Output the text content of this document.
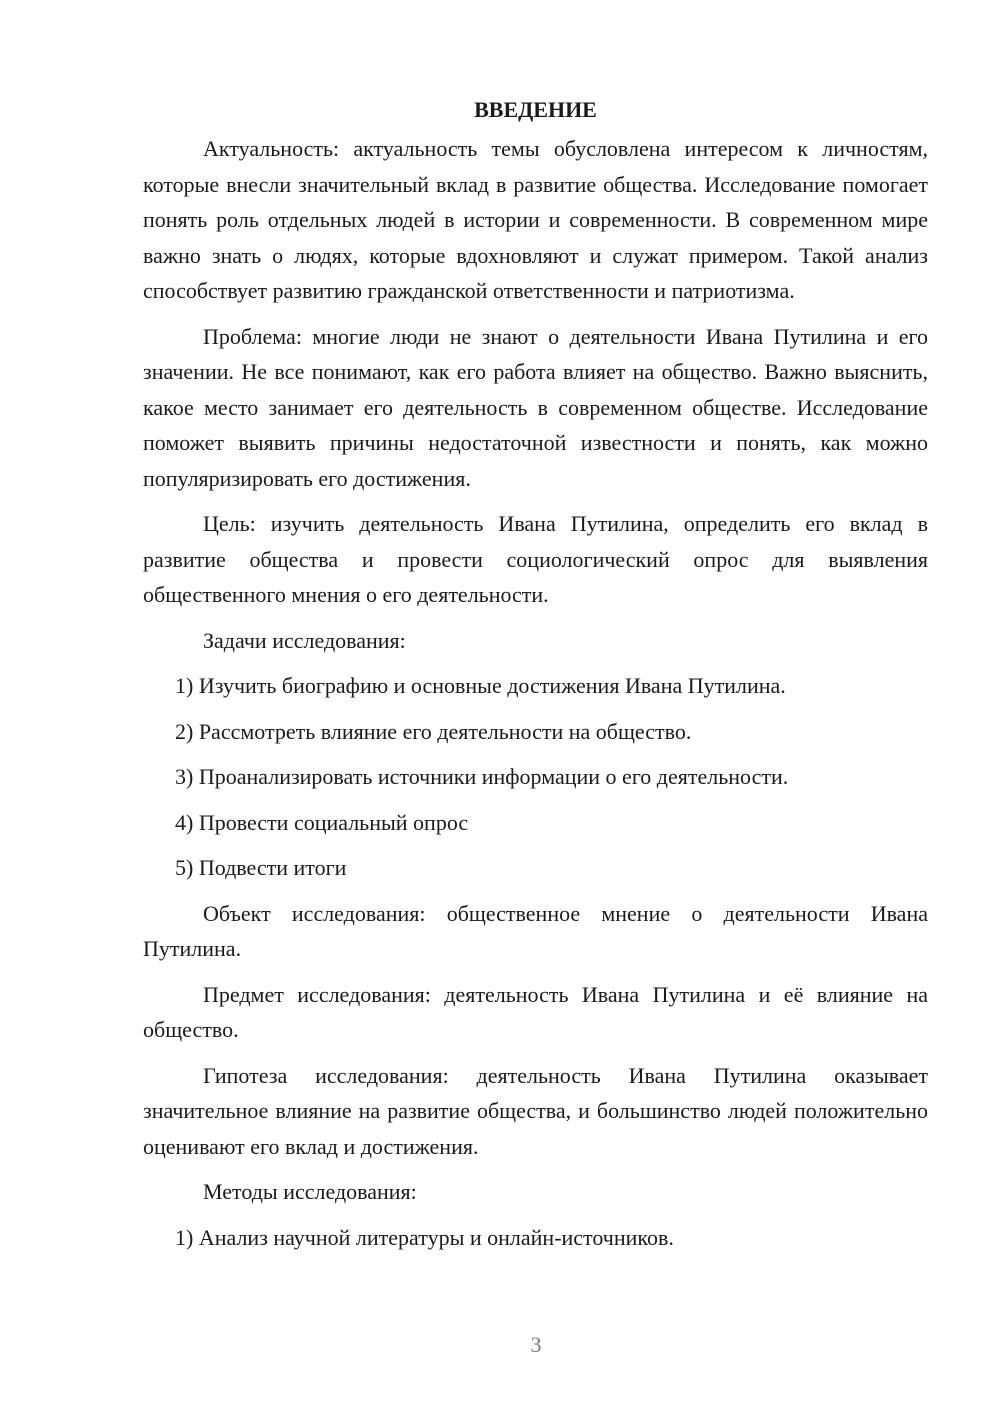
ВВЕДЕНИЕ

Актуальность: актуальность темы обусловлена интересом к личностям, которые внесли значительный вклад в развитие общества. Исследование помогает понять роль отдельных людей в истории и современности. В современном мире важно знать о людях, которые вдохновляют и служат примером. Такой анализ способствует развитию гражданской ответственности и патриотизма.

Проблема: многие люди не знают о деятельности Ивана Путилина и его значении. Не все понимают, как его работа влияет на общество. Важно выяснить, какое место занимает его деятельность в современном обществе. Исследование поможет выявить причины недостаточной известности и понять, как можно популяризировать его достижения.

Цель: изучить деятельность Ивана Путилина, определить его вклад в развитие общества и провести социологический опрос для выявления общественного мнения о его деятельности.

Задачи исследования:

1) Изучить биографию и основные достижения Ивана Путилина.

2) Рассмотреть влияние его деятельности на общество.

3) Проанализировать источники информации о его деятельности.

4) Провести социальный опрос

5) Подвести итоги

Объект исследования: общественное мнение о деятельности Ивана Путилина.

Предмет исследования: деятельность Ивана Путилина и её влияние на общество.

Гипотеза исследования: деятельность Ивана Путилина оказывает значительное влияние на развитие общества, и большинство людей положительно оценивают его вклад и достижения.

Методы исследования:

1) Анализ научной литературы и онлайн-источников.

3
